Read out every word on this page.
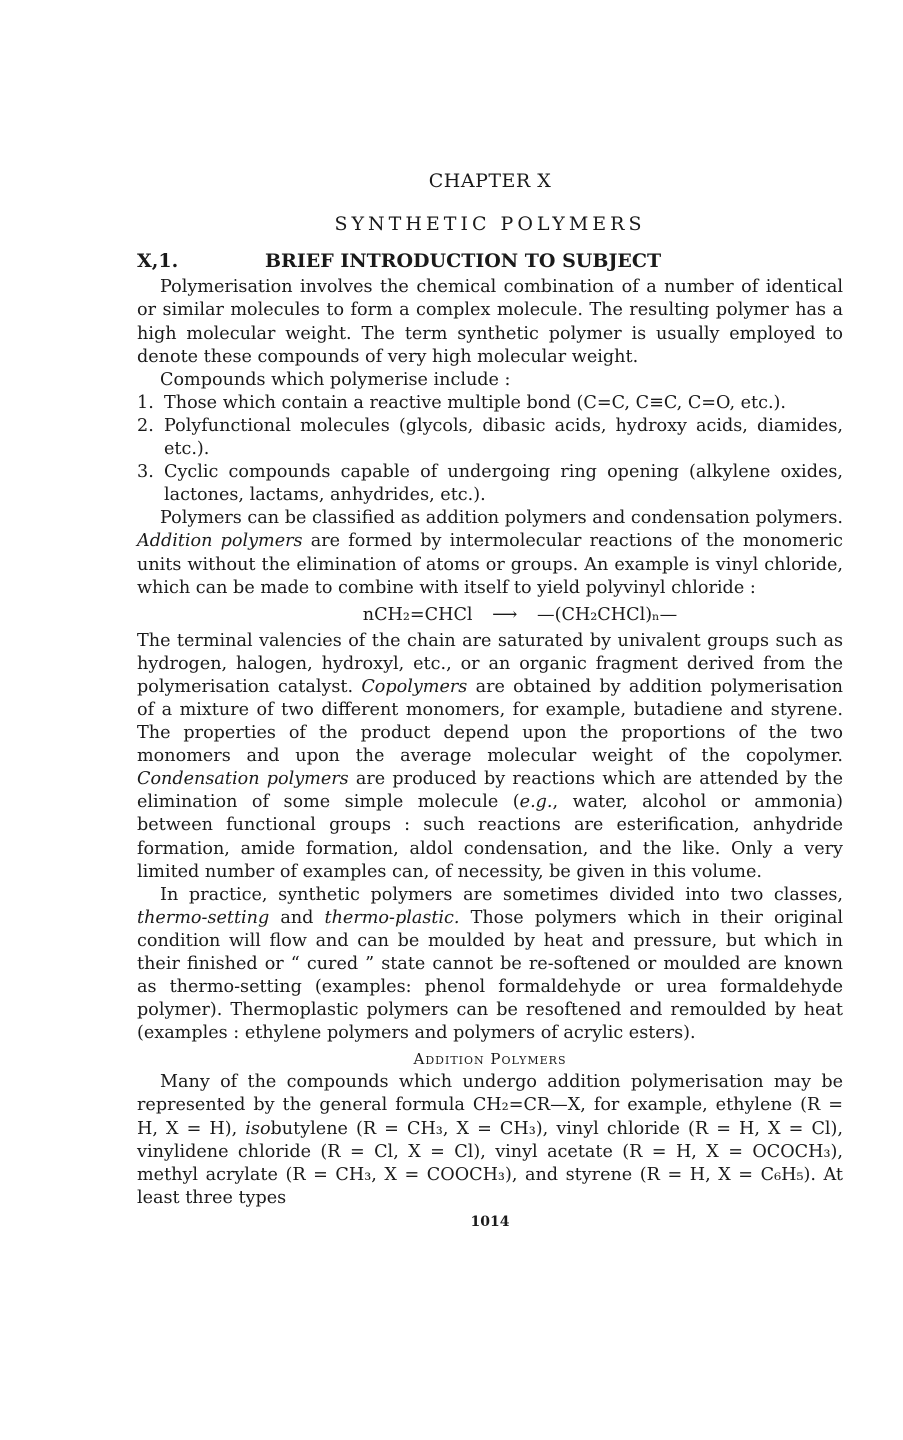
CHAPTER X
SYNTHETIC POLYMERS
X,1.	BRIEF INTRODUCTION TO SUBJECT

Polymerisation involves the chemical combination of a number of identical or similar molecules to form a complex molecule. The resulting polymer has a high molecular weight. The term synthetic polymer is usually employed to denote these compounds of very high molecular weight.

Compounds which polymerise include :

1. Those which contain a reactive multiple bond (C=C, C≡C, C=O, etc.).
2. Polyfunctional molecules (glycols, dibasic acids, hydroxy acids, diamides, etc.).
3. Cyclic compounds capable of undergoing ring opening (alkylene oxides, lactones, lactams, anhydrides, etc.).

Polymers can be classified as addition polymers and condensation polymers. Addition polymers are formed by intermolecular reactions of the monomeric units without the elimination of atoms or groups. An example is vinyl chloride, which can be made to combine with itself to yield polyvinyl chloride :

nCH₂=CHCl ⟶ —(CH₂CHCl)ₙ—

The terminal valencies of the chain are saturated by univalent groups such as hydrogen, halogen, hydroxyl, etc., or an organic fragment derived from the polymerisation catalyst. Copolymers are obtained by addition polymerisation of a mixture of two different monomers, for example, butadiene and styrene. The properties of the product depend upon the proportions of the two monomers and upon the average molecular weight of the copolymer. Condensation polymers are produced by reactions which are attended by the elimination of some simple molecule (e.g., water, alcohol or ammonia) between functional groups : such reactions are esterification, anhydride formation, amide formation, aldol condensation, and the like. Only a very limited number of examples can, of necessity, be given in this volume.

In practice, synthetic polymers are sometimes divided into two classes, thermo-setting and thermo-plastic. Those polymers which in their original condition will flow and can be moulded by heat and pressure, but which in their finished or “ cured ” state cannot be re-softened or moulded are known as thermo-setting (examples: phenol formaldehyde or urea formaldehyde polymer). Thermoplastic polymers can be resoftened and remoulded by heat (examples : ethylene polymers and polymers of acrylic esters).

Addition Polymers

Many of the compounds which undergo addition polymerisation may be represented by the general formula CH₂=CR—X, for example, ethylene (R = H, X = H), isobutylene (R = CH₃, X = CH₃), vinyl chloride (R = H, X = Cl), vinylidene chloride (R = Cl, X = Cl), vinyl acetate (R = H, X = OCOCH₃), methyl acrylate (R = CH₃, X = COOCH₃), and styrene (R = H, X = C₆H₅). At least three types

1014
